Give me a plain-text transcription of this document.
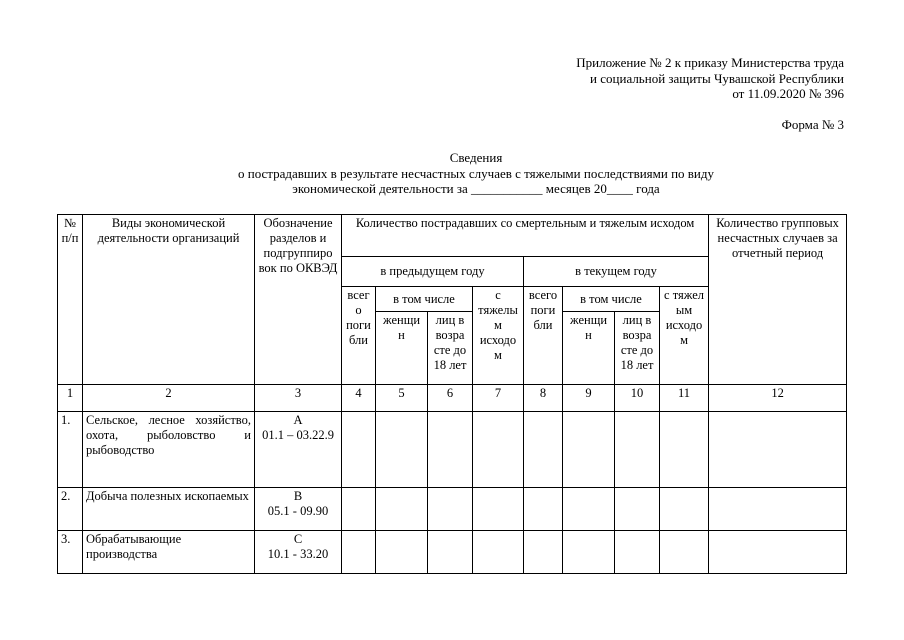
Приложение № 2 к приказу Министерства труда
и социальной защиты Чувашской Республики
от 11.09.2020 № 396
Форма № 3
Сведения
о пострадавших в результате несчастных случаев с тяжелыми последствиями по виду
экономической деятельности за ___________ месяцев 20____ года
№ п/п	Виды экономической деятельности организаций	Обозначение разделов и подгруппиро вок по ОКВЭД	Количество пострадавших со смертельным и тяжелым исходом								Количество групповых несчастных случаев за отчетный период
			в предыдущем году				в текущем году				
			всег о поги бли	в том числе		с тяжелы м исходо м	всего поги бли	в том числе		с тяжел ым исходо м	
				женщи н	лиц в возра сте до 18 лет			женщи н	лиц в возра сте до 18 лет		
1	2	3	4	5	6	7	8	9	10	11	12
1.	Сельское, лесное хозяйство, охота, рыболовство и рыбоводство	А
01.1 – 03.22.9									

2.	Добыча полезных ископаемых	В
05.1 - 09.90									

3.	Обрабатывающие производства	С
10.1 - 33.20									
